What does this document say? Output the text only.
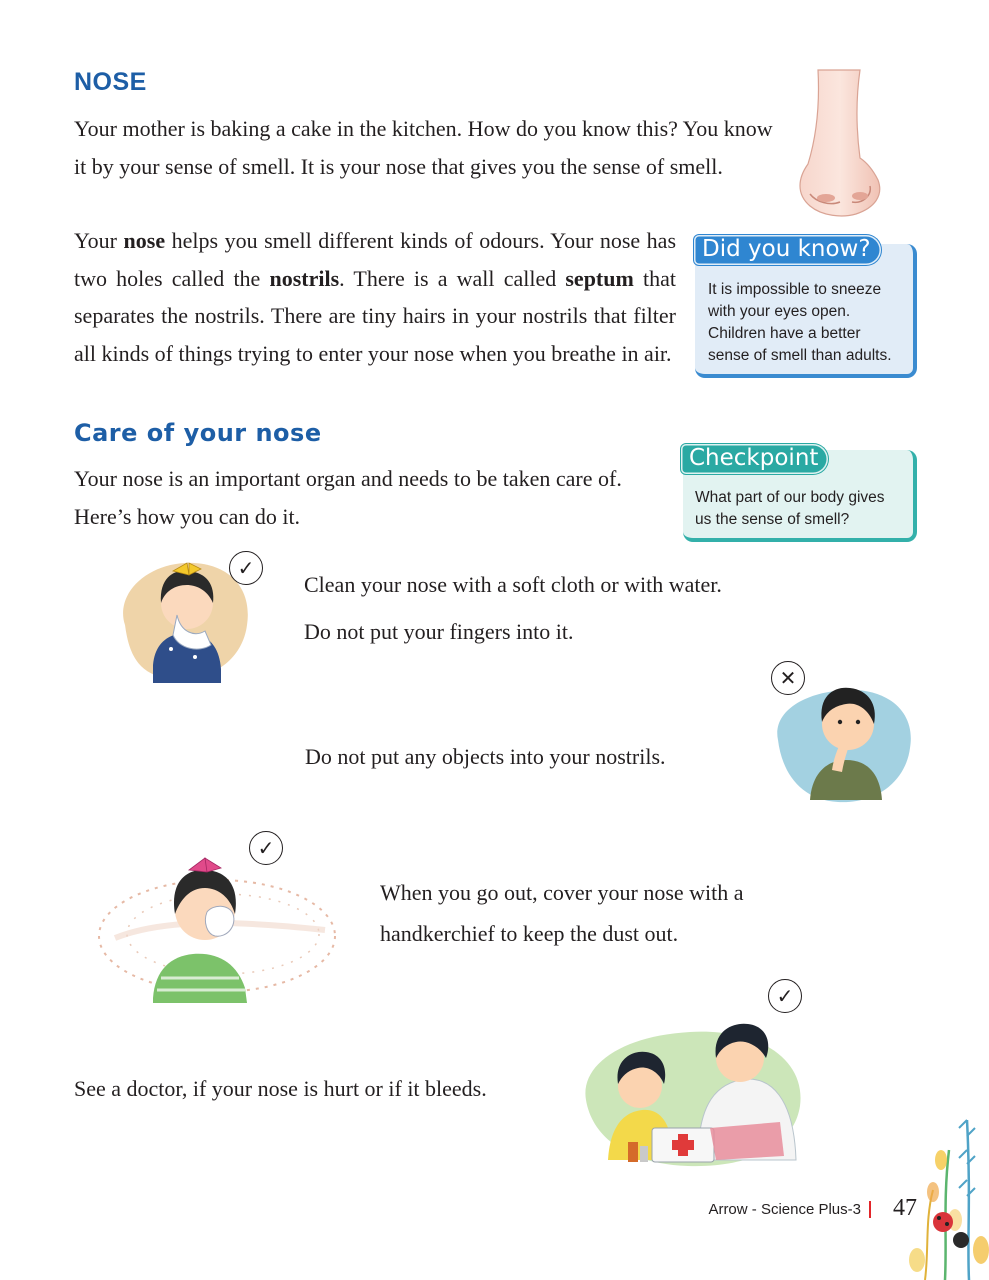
NOSE

Your mother is baking a cake in the kitchen. How do you know this? You know it by your sense of smell. It is your nose that gives you the sense of smell.

Your nose helps you smell different kinds of odours. Your nose has two holes called the nostrils. There is a wall called septum that separates the nostrils. There are tiny hairs in your nostrils that filter all kinds of things trying to enter your nose when you breathe in air.

Did you know?
It is impossible to sneeze
with your eyes open.
Children have a better
sense of smell than adults.
Care of your nose

Your nose is an important organ and needs to be taken care of. Here’s how you can do it.

Checkpoint
What part of our body gives
us the sense of smell?
✓
Clean your nose with a soft cloth or with water.
Do not put your fingers into it.
✕
Do not put any objects into your nostrils.
✓
When you go out, cover your nose with a
handkerchief to keep the dust out.
✓
See a doctor, if your nose is hurt or if it bleeds.
Arrow - Science Plus-3	47
